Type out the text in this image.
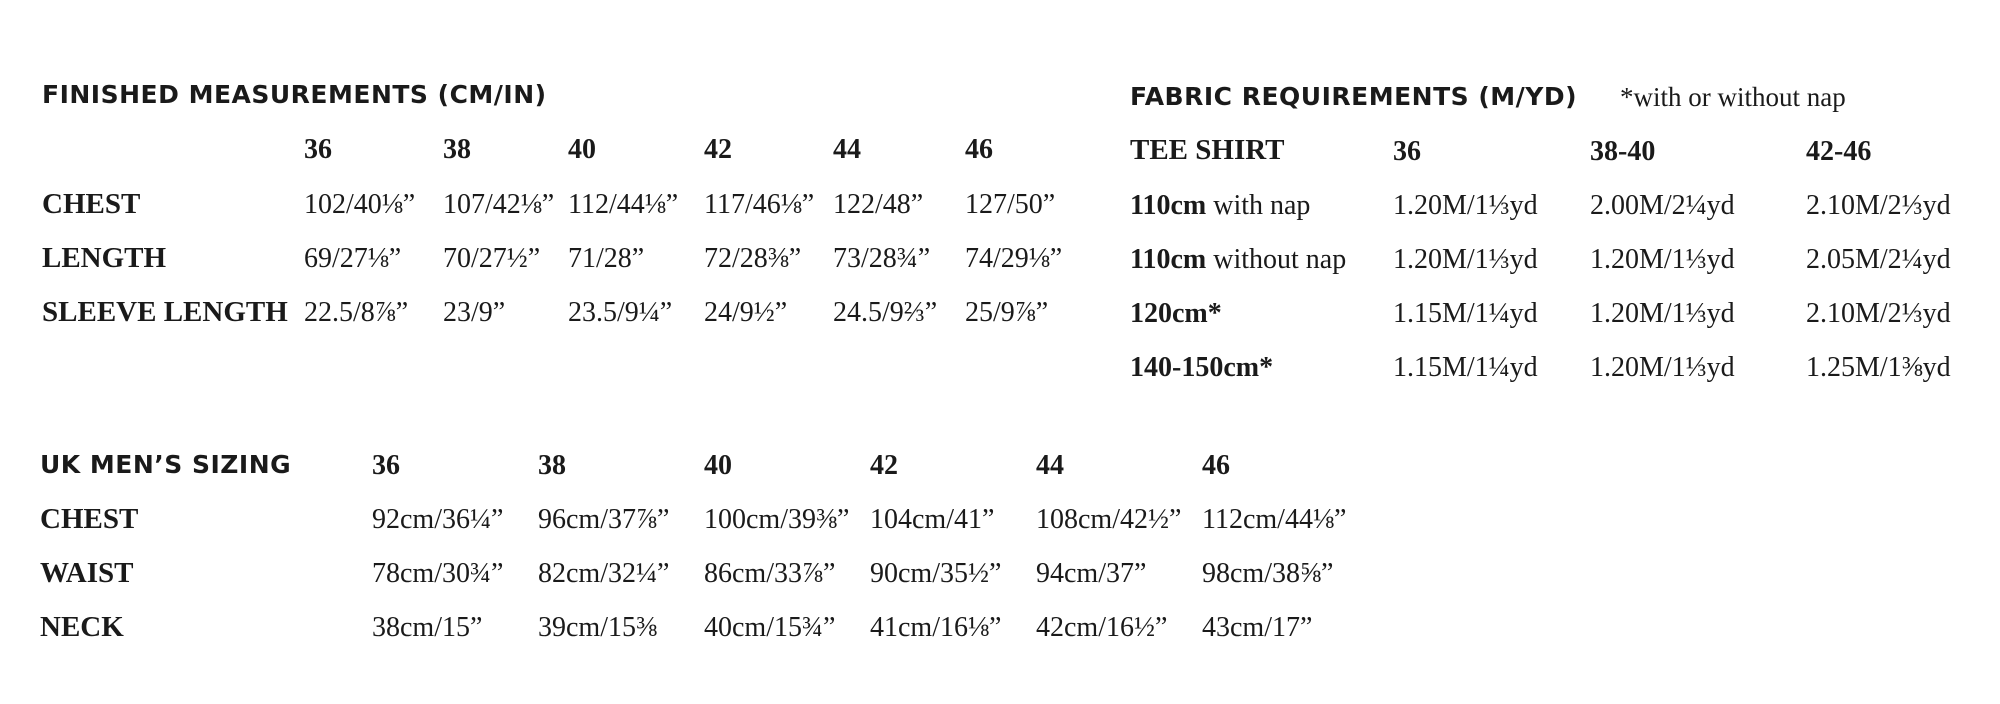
FINISHED MEASUREMENTS (CM/IN)
36	38	40	42	44	46
CHEST	102/40⅛” 107/42⅛” 112/44⅛” 117/46⅛” 122/48” 127/50”
LENGTH	69/27⅛” 70/27½” 71/28” 72/28⅜” 73/28¾” 74/29⅛”
SLEEVE LENGTH 22.5/8⅞” 23/9” 23.5/9¼” 24/9½” 24.5/9⅔” 25/9⅞”
FABRIC REQUIREMENTS (M/YD) *with or without nap
TEE SHIRT	36	38-40	42-46
110cm with nap	1.20M/1⅓yd 2.00M/2¼yd	2.10M/2⅓yd
110cm without nap 1.20M/1⅓yd 1.20M/1⅓yd	2.05M/2¼yd
120cm*	1.15M/1¼yd 1.20M/1⅓yd	2.10M/2⅓yd
140-150cm*	1.15M/1¼yd 1.20M/1⅓yd	1.25M/1⅜yd
UK MEN’S SIZING	36	38	40	42	44	46
CHEST	92cm/36¼” 96cm/37⅞” 100cm/39⅜” 104cm/41” 108cm/42½” 112cm/44⅛”
WAIST	78cm/30¾” 82cm/32¼” 86cm/33⅞” 90cm/35½” 94cm/37” 98cm/38⅝”
NECK	38cm/15” 39cm/15⅜ 40cm/15¾” 41cm/16⅛” 42cm/16½” 43cm/17”
